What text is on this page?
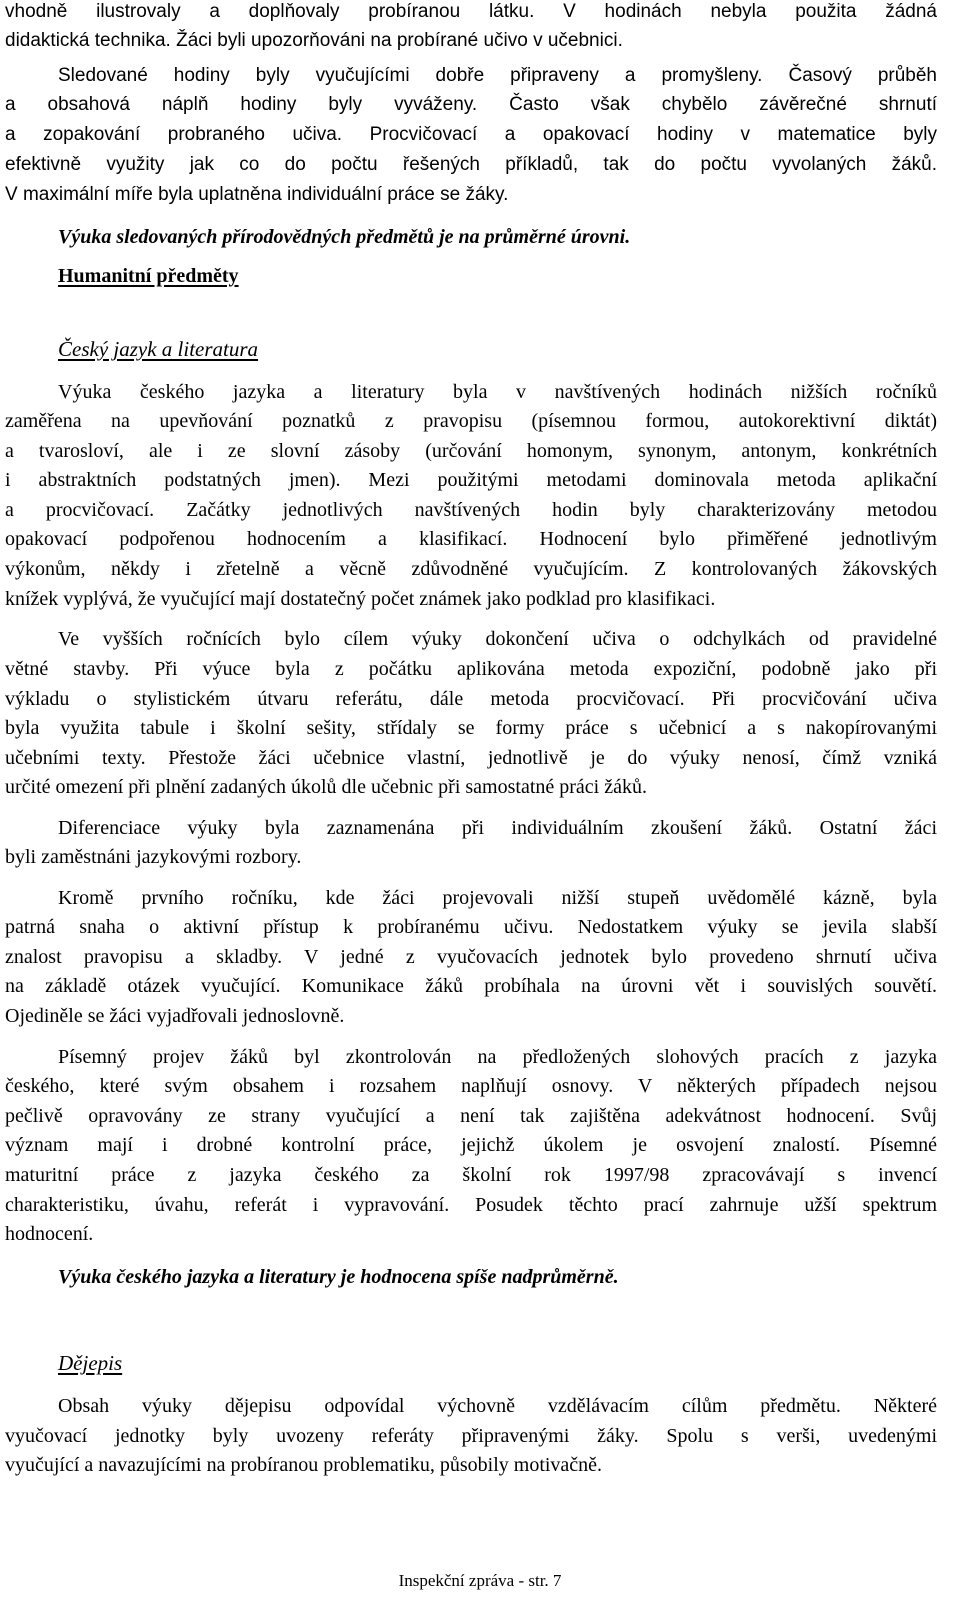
vhodně ilustrovaly a doplňovaly probíranou látku. V hodinách nebyla použita žádná
didaktická technika. Žáci byli upozorňováni na probírané učivo v učebnici.
Sledované hodiny byly vyučujícími dobře připraveny a promyšleny. Časový průběh
a obsahová náplň hodiny byly vyváženy. Často však chybělo závěrečné shrnutí
a zopakování probraného učiva. Procvičovací a opakovací hodiny v matematice byly
efektivně využity jak co do počtu řešených příkladů, tak do počtu vyvolaných žáků.
V maximální míře byla uplatněna individuální práce se žáky.
Výuka sledovaných přírodovědných předmětů je na průměrné úrovni.
Humanitní předměty
Český jazyk a literatura
Výuka českého jazyka a literatury byla v navštívených hodinách nižších ročníků
zaměřena na upevňování poznatků z pravopisu (písemnou formou, autokorektivní diktát)
a tvarosloví, ale i ze slovní zásoby (určování homonym, synonym, antonym, konkrétních
i abstraktních podstatných jmen). Mezi použitými metodami dominovala metoda aplikační
a procvičovací. Začátky jednotlivých navštívených hodin byly charakterizovány metodou
opakovací podpořenou hodnocením a klasifikací. Hodnocení bylo přiměřené jednotlivým
výkonům, někdy i zřetelně a věcně zdůvodněné vyučujícím. Z kontrolovaných žákovských
knížek vyplývá, že vyučující mají dostatečný počet známek jako podklad pro klasifikaci.
Ve vyšších ročnících bylo cílem výuky dokončení učiva o odchylkách od pravidelné
větné stavby. Při výuce byla z počátku aplikována metoda expoziční, podobně jako při
výkladu o stylistickém útvaru referátu, dále metoda procvičovací. Při procvičování učiva
byla využita tabule i školní sešity, střídaly se formy práce s učebnicí a s nakopírovanými
učebními texty. Přestože žáci učebnice vlastní, jednotlivě je do výuky nenosí, čímž vzniká
určité omezení při plnění zadaných úkolů dle učebnic při samostatné práci žáků.
Diferenciace výuky byla zaznamenána při individuálním zkoušení žáků. Ostatní žáci
byli zaměstnáni jazykovými rozbory.
Kromě prvního ročníku, kde žáci projevovali nižší stupeň uvědomělé kázně, byla
patrná snaha o aktivní přístup k probíranému učivu. Nedostatkem výuky se jevila slabší
znalost pravopisu a skladby. V jedné z vyučovacích jednotek bylo provedeno shrnutí učiva
na základě otázek vyučující. Komunikace žáků probíhala na úrovni vět i souvislých souvětí.
Ojediněle se žáci vyjadřovali jednoslovně.
Písemný projev žáků byl zkontrolován na předložených slohových pracích z jazyka
českého, které svým obsahem i rozsahem naplňují osnovy. V některých případech nejsou
pečlivě opravovány ze strany vyučující a není tak zajištěna adekvátnost hodnocení. Svůj
význam mají i drobné kontrolní práce, jejichž úkolem je osvojení znalostí. Písemné
maturitní práce z jazyka českého za školní rok 1997/98 zpracovávají s invencí
charakteristiku, úvahu, referát i vypravování. Posudek těchto prací zahrnuje užší spektrum
hodnocení.
Výuka českého jazyka a literatury je hodnocena spíše nadprůměrně.
Dějepis
Obsah výuky dějepisu odpovídal výchovně vzdělávacím cílům předmětu. Některé
vyučovací jednotky byly uvozeny referáty připravenými žáky. Spolu s verši, uvedenými
vyučující a navazujícími na probíranou problematiku, působily motivačně.
Inspekční zpráva - str. 7
